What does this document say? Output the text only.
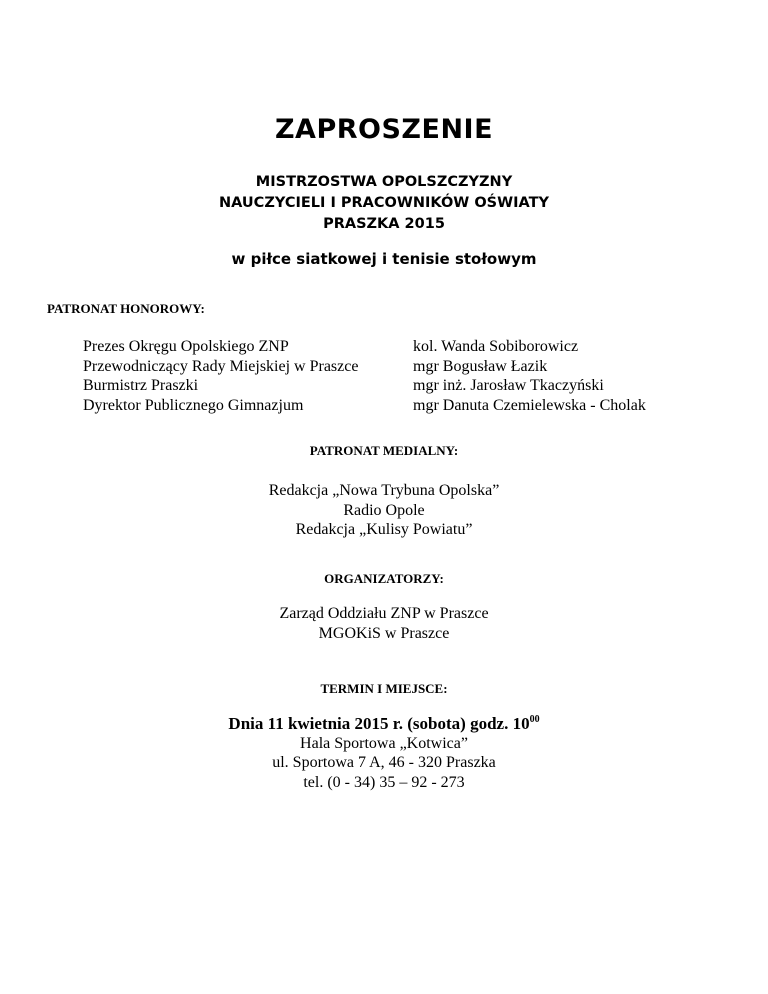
ZAPROSZENIE
MISTRZOSTWA OPOLSZCZYZNY
NAUCZYCIELI I PRACOWNIKÓW OŚWIATY
PRASZKA 2015
w piłce siatkowej i tenisie stołowym
PATRONAT HONOROWY:
Prezes Okręgu Opolskiego ZNP
Przewodniczący Rady Miejskiej w Praszce
Burmistrz Praszki
Dyrektor Publicznego Gimnazjum
kol. Wanda Sobiborowicz
mgr Bogusław Łazik
mgr inż. Jarosław Tkaczyński
mgr Danuta Czemielewska - Cholak
PATRONAT MEDIALNY:
Redakcja „Nowa Trybuna Opolska”
Radio Opole
Redakcja „Kulisy Powiatu”
ORGANIZATORZY:
Zarząd Oddziału ZNP w Praszce
MGOKiS w Praszce
TERMIN I MIEJSCE:
Dnia 11 kwietnia 2015 r. (sobota) godz. $10^{00}$
Hala Sportowa „Kotwica”
ul. Sportowa 7 A, 46 - 320 Praszka
tel. (0 - 34) 35 – 92 - 273
